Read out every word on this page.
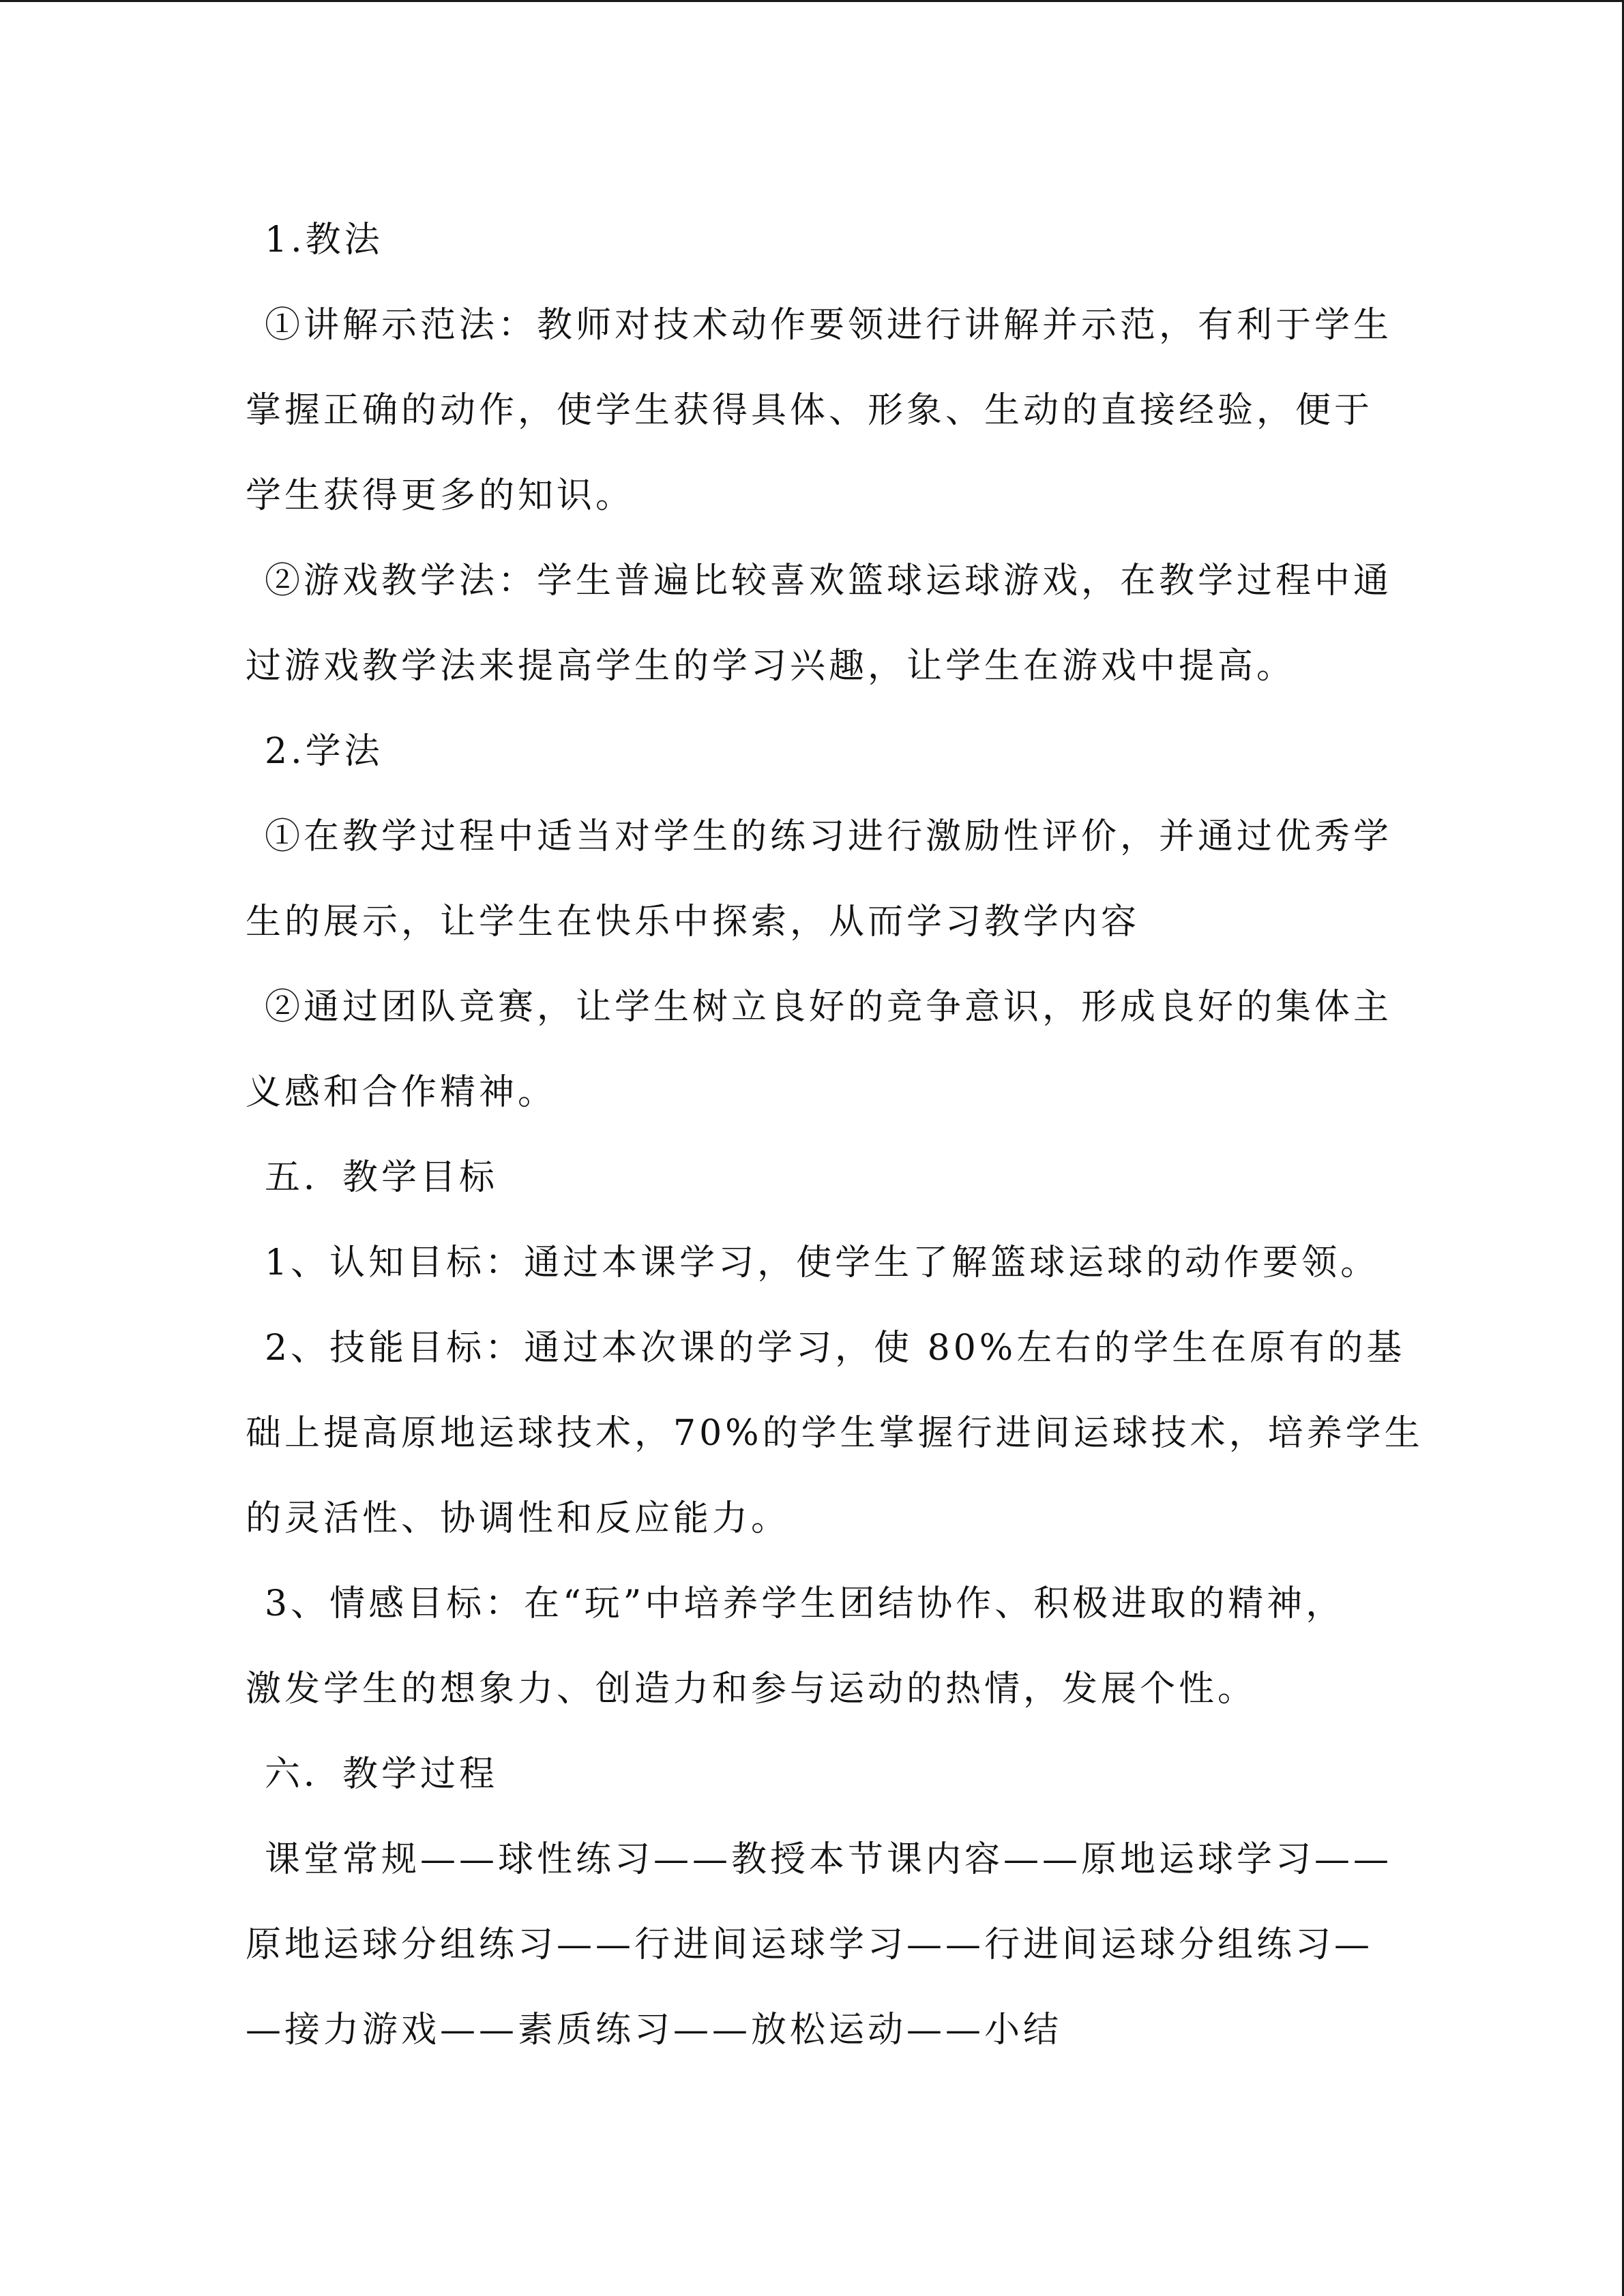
1.教法
①讲解示范法：教师对技术动作要领进行讲解并示范，有利于学生
掌握正确的动作，使学生获得具体、形象、生动的直接经验，便于
学生获得更多的知识。
②游戏教学法：学生普遍比较喜欢篮球运球游戏，在教学过程中通
过游戏教学法来提高学生的学习兴趣，让学生在游戏中提高。
2.学法
①在教学过程中适当对学生的练习进行激励性评价，并通过优秀学
生的展示，让学生在快乐中探索，从而学习教学内容
②通过团队竞赛，让学生树立良好的竞争意识，形成良好的集体主
义感和合作精神。
五．教学目标
1、认知目标：通过本课学习，使学生了解篮球运球的动作要领。
2、技能目标：通过本次课的学习，使 80%左右的学生在原有的基
础上提高原地运球技术，70%的学生掌握行进间运球技术，培养学生
的灵活性、协调性和反应能力。
3、情感目标：在“玩”中培养学生团结协作、积极进取的精神，
激发学生的想象力、创造力和参与运动的热情，发展个性。
六．教学过程
课堂常规——球性练习——教授本节课内容——原地运球学习——
原地运球分组练习——行进间运球学习——行进间运球分组练习—
—接力游戏——素质练习——放松运动——小结
